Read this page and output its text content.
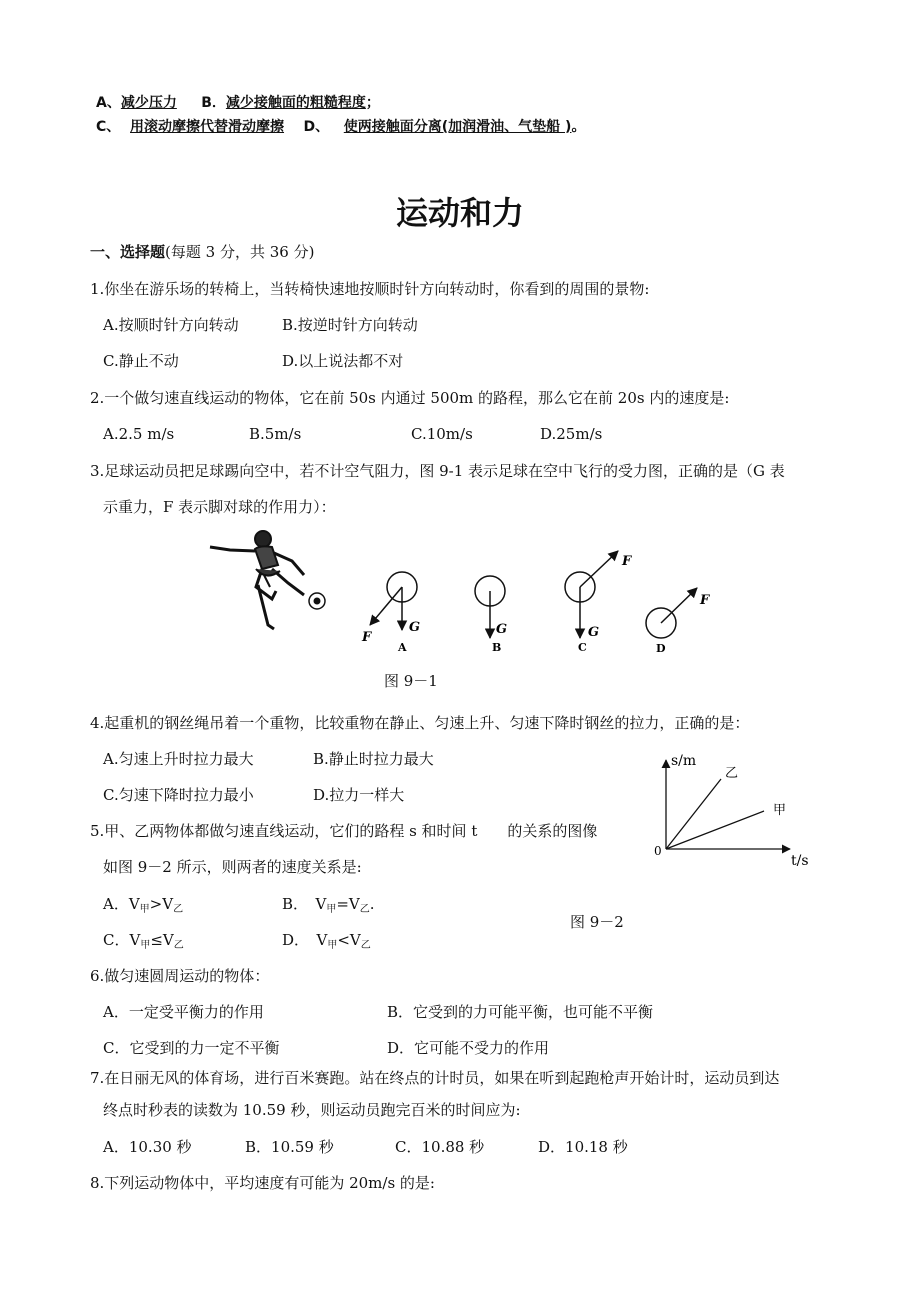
A、减少压力 B．减少接触面的粗糙程度；
C、 用滚动摩擦代替滑动摩擦 D、 使两接触面分离(加润滑油、气垫船 )。
运动和力
一、选择题(每题 3 分，共 36 分)
1.你坐在游乐场的转椅上，当转椅快速地按顺时针方向转动时，你看到的周围的景物:
A.按顺时针方向转动	B.按逆时针方向转动
C.静止不动	D.以上说法都不对
2.一个做匀速直线运动的物体，它在前 50s 内通过 500m 的路程，那么它在前 20s 内的速度是:
A.2.5 m/s	B.5m/s	C.10m/s	D.25m/s
3.足球运动员把足球踢向空中，若不计空气阻力，图 9-1 表示足球在空中飞行的受力图，正确的是（G 表
示重力，F 表示脚对球的作用力）：
F
G
A
G
B
F
G
C
F
D
图 9－1
4.起重机的钢丝绳吊着一个重物，比较重物在静止、匀速上升、匀速下降时钢丝的拉力，正确的是：
A.匀速上升时拉力最大	B.静止时拉力最大
C.匀速下降时拉力最小	D.拉力一样大
5.甲、乙两物体都做匀速直线运动，它们的路程 s 和时间 t　　的关系的图像
如图 9－2 所示，则两者的速度关系是:
A．$V_甲>V_乙$	B．　$V_甲=V_乙$.
C．$V_甲\le V_乙$	D．　$V_甲<V_乙$
s/m
t/s
0
乙
甲
图 9－2
6.做匀速圆周运动的物体：
A．一定受平衡力的作用	B．它受到的力可能平衡，也可能不平衡
C．它受到的力一定不平衡	D．它可能不受力的作用
7.在日丽无风的体育场，进行百米赛跑。站在终点的计时员，如果在听到起跑枪声开始计时，运动员到达
终点时秒表的读数为 10.59 秒，则运动员跑完百米的时间应为:
A．10.30 秒	B．10.59 秒	C．10.88 秒	D．10.18 秒
8.下列运动物体中，平均速度有可能为 20m/s 的是:
